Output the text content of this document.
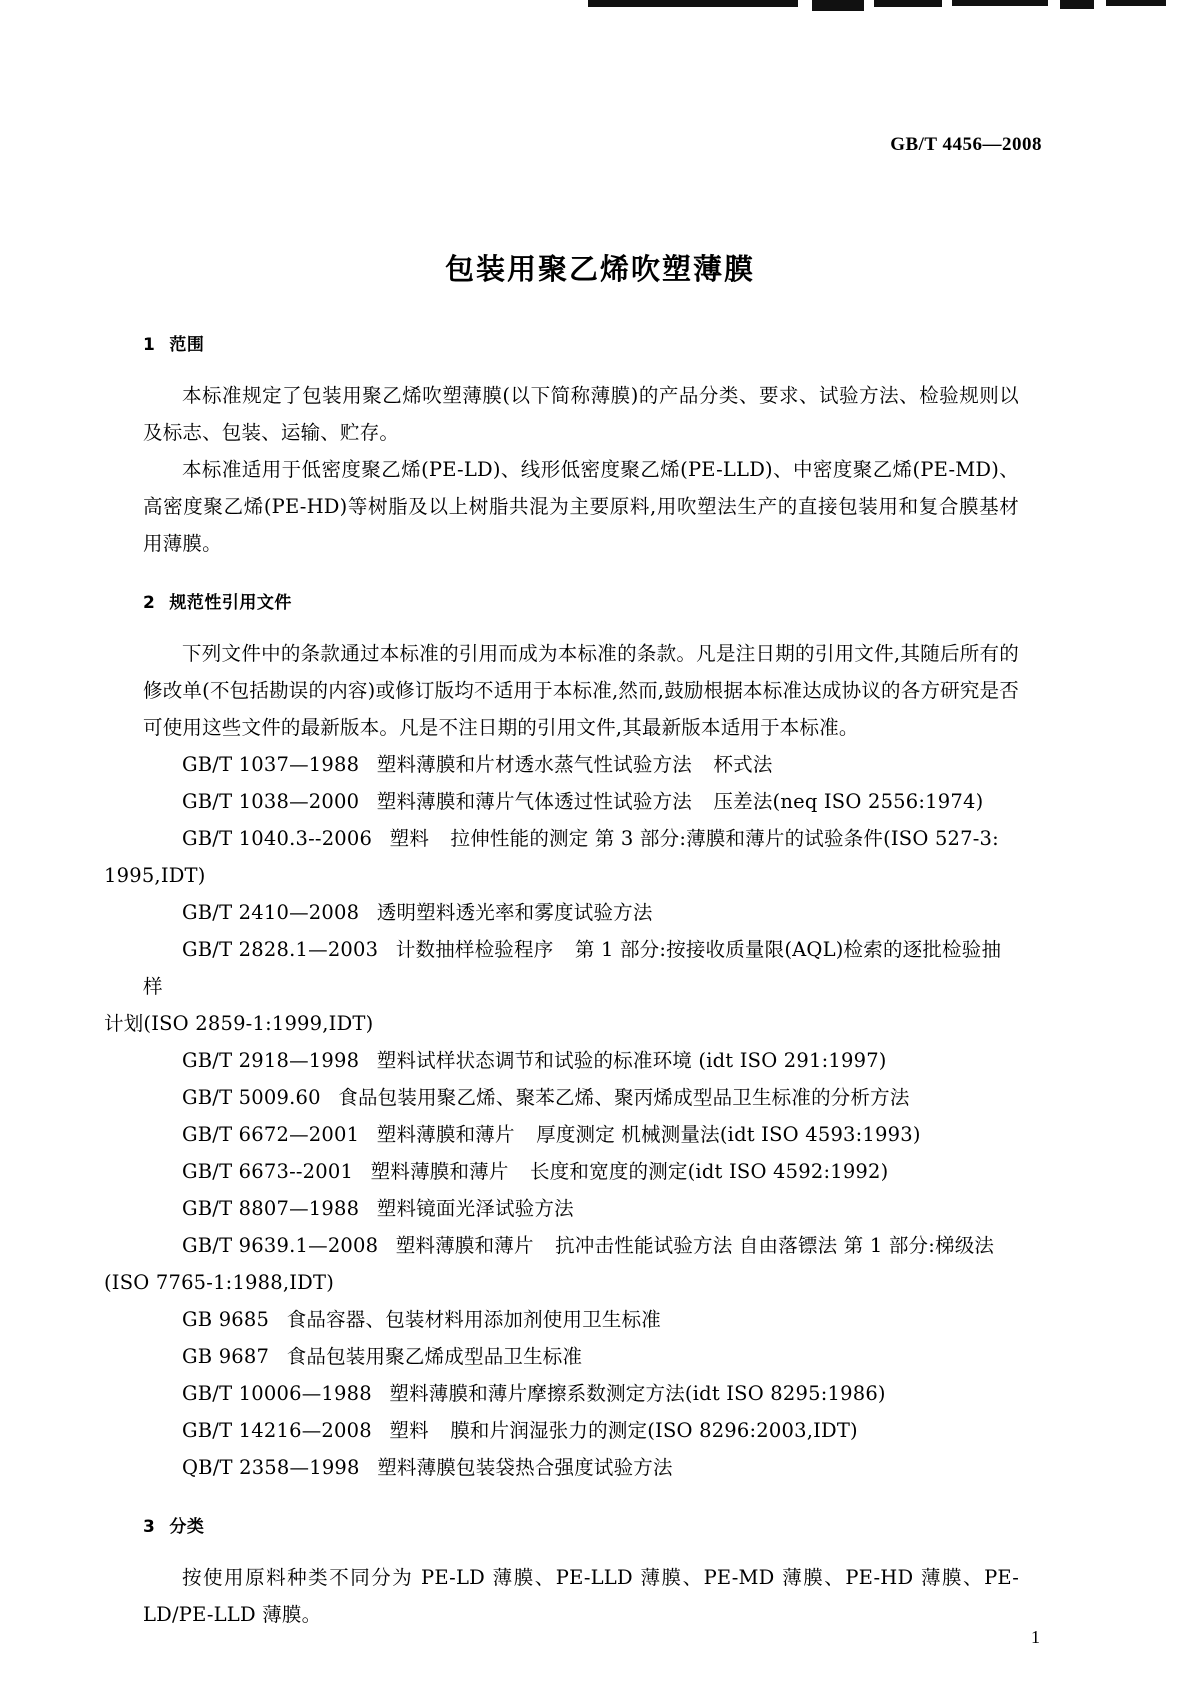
GB/T 4456—2008
包装用聚乙烯吹塑薄膜
1 范围

本标准规定了包装用聚乙烯吹塑薄膜(以下简称薄膜)的产品分类、要求、试验方法、检验规则以及标志、包装、运输、贮存。

本标准适用于低密度聚乙烯(PE-LD)、线形低密度聚乙烯(PE-LLD)、中密度聚乙烯(PE-MD)、高密度聚乙烯(PE-HD)等树脂及以上树脂共混为主要原料,用吹塑法生产的直接包装用和复合膜基材用薄膜。

2 规范性引用文件

下列文件中的条款通过本标准的引用而成为本标准的条款。凡是注日期的引用文件,其随后所有的修改单(不包括勘误的内容)或修订版均不适用于本标准,然而,鼓励根据本标准达成协议的各方研究是否可使用这些文件的最新版本。凡是不注日期的引用文件,其最新版本适用于本标准。

GB/T 1037—1988 塑料薄膜和片材透水蒸气性试验方法 杯式法

GB/T 1038—2000 塑料薄膜和薄片气体透过性试验方法 压差法(neq ISO 2556:1974)

GB/T 1040.3--2006 塑料 拉伸性能的测定 第 3 部分:薄膜和薄片的试验条件(ISO 527-3:
1995,IDT)

GB/T 2410—2008 透明塑料透光率和雾度试验方法

GB/T 2828.1—2003 计数抽样检验程序 第 1 部分:按接收质量限(AQL)检索的逐批检验抽样
计划(ISO 2859-1:1999,IDT)

GB/T 2918—1998 塑料试样状态调节和试验的标准环境 (idt ISO 291:1997)

GB/T 5009.60 食品包装用聚乙烯、聚苯乙烯、聚丙烯成型品卫生标准的分析方法

GB/T 6672—2001 塑料薄膜和薄片 厚度测定 机械测量法(idt ISO 4593:1993)

GB/T 6673--2001 塑料薄膜和薄片 长度和宽度的测定(idt ISO 4592:1992)

GB/T 8807—1988 塑料镜面光泽试验方法

GB/T 9639.1—2008 塑料薄膜和薄片 抗冲击性能试验方法 自由落镖法 第 1 部分:梯级法
(ISO 7765-1:1988,IDT)

GB 9685 食品容器、包装材料用添加剂使用卫生标准

GB 9687 食品包装用聚乙烯成型品卫生标准

GB/T 10006—1988 塑料薄膜和薄片摩擦系数测定方法(idt ISO 8295:1986)

GB/T 14216—2008 塑料 膜和片润湿张力的测定(ISO 8296:2003,IDT)

QB/T 2358—1998 塑料薄膜包装袋热合强度试验方法

3 分类

按使用原料种类不同分为 PE-LD 薄膜、PE-LLD 薄膜、PE-MD 薄膜、PE-HD 薄膜、PE-LD/PE-LLD 薄膜。

1
